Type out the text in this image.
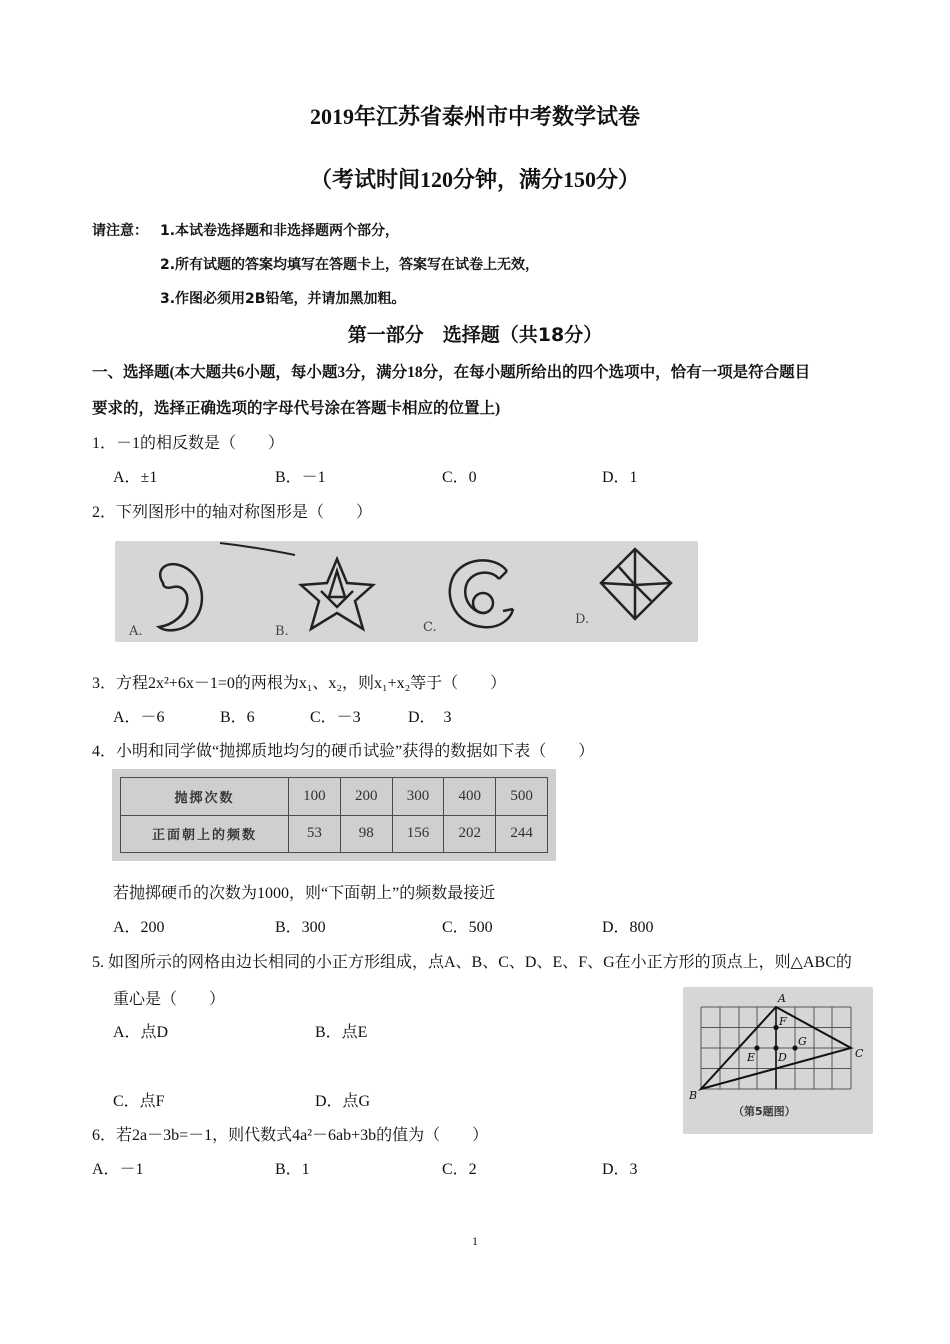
2019年江苏省泰州市中考数学试卷
（考试时间120分钟，满分150分）
请注意： 1.本试卷选择题和非选择题两个部分，
2.所有试题的答案均填写在答题卡上，答案写在试卷上无效，
3.作图必须用2B铅笔，并请加黑加粗。
第一部分　选择题（共18分）
一、选择题(本大题共6小题，每小题3分，满分18分，在每小题所给出的四个选项中，恰有一项是符合题目
要求的，选择正确选项的字母代号涂在答题卡相应的位置上)
1．－1的相反数是（　　）
A．±1	B．－1	C．0	D．1
2．下列图形中的轴对称图形是（　　）
A.	B.	C.
D.
3．方程2x²+6x－1=0的两根为x₁、x₂，则x₁+x₂等于（　　）
A．－6	B．6	C．－3	D．　3
4．小明和同学做“抛掷质地均匀的硬币试验”获得的数据如下表（　　）
抛掷次数	100	200	300	400	500
正面朝上的频数	53	98	156	202	244
若抛掷硬币的次数为1000，则“下面朝上”的频数最接近
A．200	B．300	C．500	D．800
5. 如图所示的网格由边长相同的小正方形组成，点A、B、C、D、E、F、G在小正方形的顶点上，则△ABC的
重心是（　　）
A．点D	B．点E
C．点F	D．点G
A
B
C
D
E
F
G
（第5题图）
6．若2a－3b=－1，则代数式4a²－6ab+3b的值为（　　）
A．－1	B．1	C．2	D．3
1
